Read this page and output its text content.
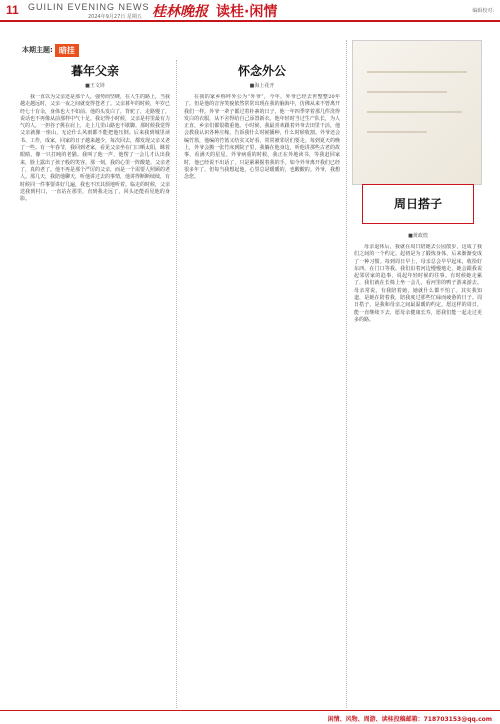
11 GUILIN EVENING NEWS
2024年9月27日 星期五 桂林晚报 读桂·闲情	编辑校对:
本期主题: 暗挂
暮年父亲
■王文铎
我一直以为父亲还是那个人，强势而坚硬，在人生的路上，当我越走越远时，父亲一夜之间就变得苍老了。父亲暮年的时候，年岁已经七十有余，身体也大不如前。他的头发白了，背驼了，走路慢了，说话也不再像从前那样中气十足。我记得小时候，父亲是村里最有力气的人，一担谷子挑在肩上，走上几里山路也不歇脚。那时候我觉得父亲就像一座山，无论什么风雨都不能把他压倒。后来我到城里读书、工作，成家，回家的日子越来越少，每次回去，都发现父亲又老了一些。有一年春节，我回到老家，看见父亲坐在门口晒太阳，眯着眼睛，像一只打盹的老猫。我叫了他一声，他愣了一会儿才认出我来，脸上露出了孩子般的笑容。那一刻，我的心里一阵酸楚。父亲老了，真的老了。他不再是那个严厉的父亲，而是一个需要人照顾的老人。那几天，我陪他聊天，听他讲过去的事情，他讲得断断续续，有时候同一件事要讲好几遍，我也不厌其烦地听着。临走的时候，父亲送我到村口，一直站在那里，直到我走远了，回头还能看见他的身影。
怀念外公
■海上花开
在我的家乡称呼外公为“外爷”，今年，外爷已经去世整整20年了。但是他的音容笑貌依然常常出现在我的脑海中，仿佛从来不曾离开我们一样。外爷一辈子都过着朴素的日子，他一年四季穿着那几件洗得发白的衣服，从不舍得给自己添置新衣。他年轻时当过生产队长，为人正直，乡亲们都很敬重他。小时候，我最喜欢跟着外爷去田里干活，他会教我认识各种庄稼，告诉我什么时候播种，什么时候收割。外爷还会编竹篮，他编的竹篮又结实又好看，常常被邻居们要走。每到夏天的晚上，外爷会搬一张竹床到院子里，我躺在他身边，听他讲那些古老的故事，看满天的星星。外爷病重的时候，我正在外地读书，等我赶回家时，他已经说不出话了，只是紧紧握着我的手。如今外爷离开我们已经很多年了，但每当我想起他，心里总是暖暖的，也酸酸的。外爷，我想念您。
周日搭子
■黄政煌
母亲退休后，我就在周日陪她去公园散步，这成了我们之间的一个约定。起初是为了锻炼身体，后来渐渐变成了一种习惯。每到周日早上，母亲总会早早起床，收拾好东西，在门口等我。我们沿着河边慢慢地走，她会跟我说起邻居家的趋事，说起年轻时候的往事。有时候她走累了，我们就在长椅上坐一会儿，看河里的鸭子游来游去。母亲常说，有我陪着她，她就什么都不怕了。其实我知道，是她在陪着我，陪我度过那些忙碌而疲惫的日子。周日搭子，是我和母亲之间最温暖的约定。愿这样的周日，能一直继续下去，愿母亲健康长寿，愿我们能一起走过更多的路。
闲情、风物、周游、读桂投稿邮箱：718703153@qq.com
